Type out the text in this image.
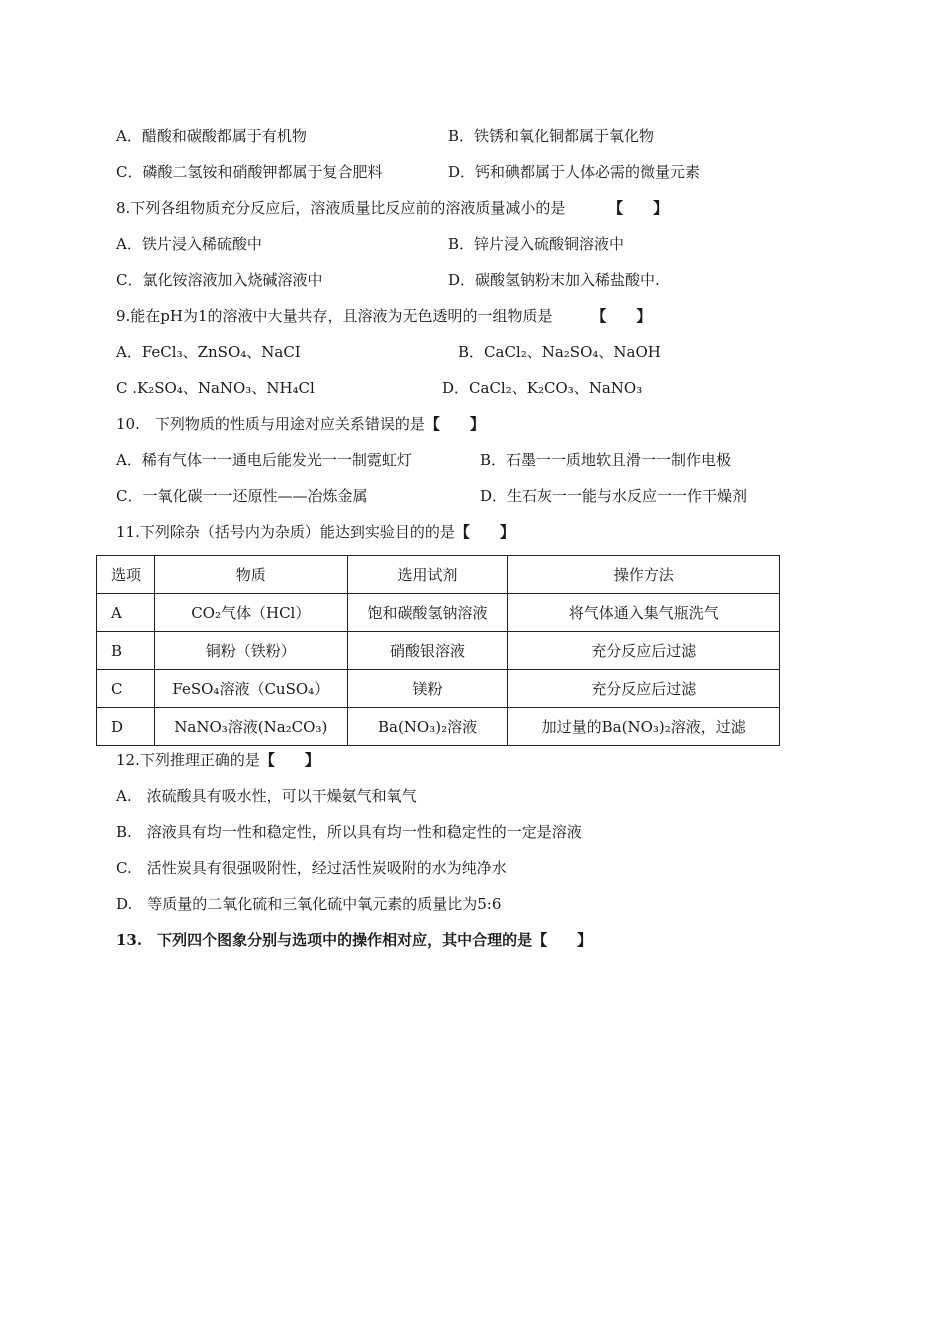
A．醋酸和碳酸都属于有机物	B．铁锈和氧化铜都属于氧化物
C．磷酸二氢铵和硝酸钾都属于复合肥料	D．钙和碘都属于人体必需的微量元素
8.下列各组物质充分反应后，溶液质量比反应前的溶液质量减小的是	【　　】
A．铁片浸入稀硫酸中	B．锌片浸入硫酸铜溶液中
C．氯化铵溶液加入烧碱溶液中	D．碳酸氢钠粉末加入稀盐酸中.
9.能在pH为1的溶液中大量共存，且溶液为无色透明的一组物质是	【　　】
A．FeCl₃、ZnSO₄、NaCI	B．CaCl₂、Na₂SO₄、NaOH
C .K₂SO₄、NaNO₃、NH₄Cl	D．CaCl₂、K₂CO₃、NaNO₃
10.　下列物质的性质与用途对应关系错误的是【　　】
A．稀有气体一一通电后能发光一一制霓虹灯	B．石墨一一质地软且滑一一制作电极
C．一氧化碳一一还原性——冶炼金属	D．生石灰一一能与水反应一一作干燥剂
11.下列除杂（括号内为杂质）能达到实验目的的是【　　】
选项	物质	选用试剂	操作方法
A	CO₂气体（HCl）	饱和碳酸氢钠溶液	将气体通入集气瓶洗气
B	铜粉（铁粉）	硝酸银溶液	充分反应后过滤
C	FeSO₄溶液（CuSO₄）	镁粉	充分反应后过滤
D	NaNO₃溶液(Na₂CO₃)	Ba(NO₃)₂溶液	加过量的Ba(NO₃)₂溶液，过滤
12.下列推理正确的是【　　】
A.　浓硫酸具有吸水性，可以干燥氨气和氧气
B.　溶液具有均一性和稳定性，所以具有均一性和稳定性的一定是溶液
C.　活性炭具有很强吸附性，经过活性炭吸附的水为纯净水
D.　等质量的二氧化硫和三氧化硫中氧元素的质量比为5:6
13.　下列四个图象分别与选项中的操作相对应，其中合理的是【　　】
